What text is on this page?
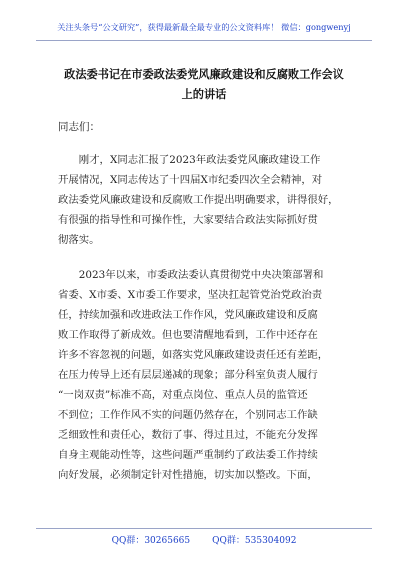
关注头条号“公文研究”，获得最新最全最专业的公文资料库！ 微信：gongwenyj
政法委书记在市委政法委党风廉政建设和反腐败工作会议
上的讲话
同志们：
　　刚才，X同志汇报了2023年政法委党风廉政建设工作
开展情况，X同志传达了十四届X市纪委四次全会精神，对
政法委党风廉政建设和反腐败工作提出明确要求，讲得很好，
有很强的指导性和可操作性，大家要结合政法实际抓好贯
彻落实。
　　2023年以来，市委政法委认真贯彻党中央决策部署和
省委、X市委、X市委工作要求，坚决扛起管党治党政治责
任，持续加强和改进政法工作作风，党风廉政建设和反腐
败工作取得了新成效。但也要清醒地看到，工作中还存在
许多不容忽视的问题，如落实党风廉政建设责任还有差距，
在压力传导上还有层层递减的现象；部分科室负责人履行
“一岗双责”标准不高，对重点岗位、重点人员的监管还
不到位；工作作风不实的问题仍然存在，个别同志工作缺
乏细致性和责任心，数衍了事、得过且过，不能充分发挥
自身主观能动性等，这些问题严重制约了政法委工作持续
向好发展，必须制定针对性措施，切实加以整改。下面，
QQ群：30265665 QQ群：535304092
